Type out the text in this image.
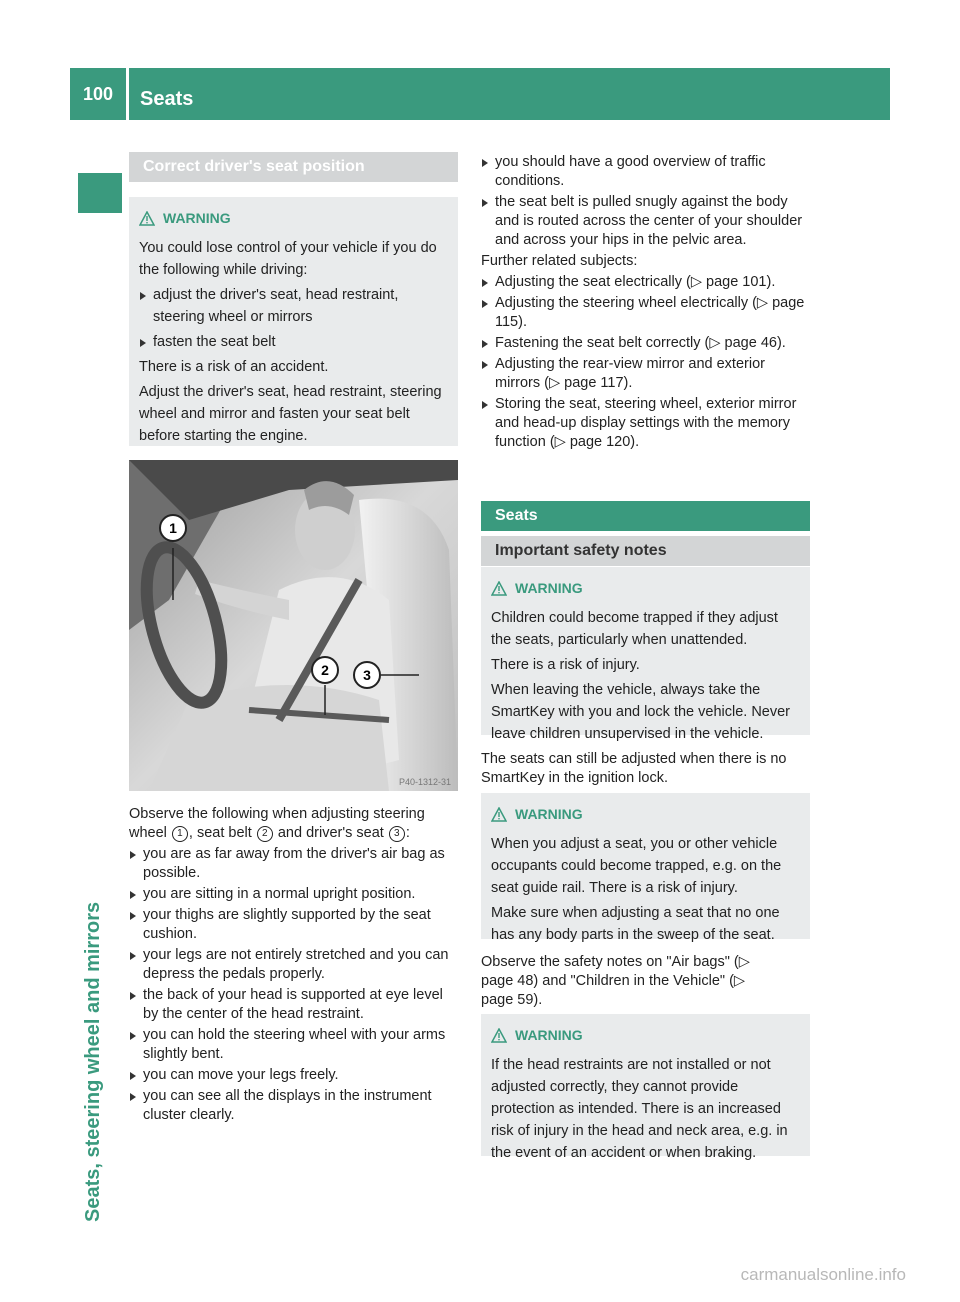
100	Seats
Seats, steering wheel and mirrors
Correct driver's seat position
WARNING

You could lose control of your vehicle if you do the following while driving:

adjust the driver's seat, head restraint, steering wheel or mirrors
fasten the seat belt

There is a risk of an accident.

Adjust the driver's seat, head restraint, steering wheel and mirror and fasten your seat belt before starting the engine.

1
2 3
P40-1312-31

Observe the following when adjusting steering wheel 1 , seat belt 2 and driver's seat 3 :

you are as far away from the driver's air bag as possible.
you are sitting in a normal upright position.
your thighs are slightly supported by the seat cushion.
your legs are not entirely stretched and you can depress the pedals properly.
the back of your head is supported at eye level by the center of the head restraint.
you can hold the steering wheel with your arms slightly bent.
you can move your legs freely.
you can see all the displays in the instrument cluster clearly.
you should have a good overview of traffic conditions.
the seat belt is pulled snugly against the body and is routed across the center of your shoulder and across your hips in the pelvic area.

Further related subjects:

Adjusting the seat electrically (▷ page 101).
Adjusting the steering wheel electrically (▷ page 115).
Fastening the seat belt correctly (▷ page 46).
Adjusting the rear-view mirror and exterior mirrors (▷ page 117).
Storing the seat, steering wheel, exterior mirror and head-up display settings with the memory function (▷ page 120).
Seats
Important safety notes
WARNING

Children could become trapped if they adjust the seats, particularly when unattended.

There is a risk of injury.

When leaving the vehicle, always take the SmartKey with you and lock the vehicle. Never leave children unsupervised in the vehicle.

The seats can still be adjusted when there is no SmartKey in the ignition lock.
WARNING

When you adjust a seat, you or other vehicle occupants could become trapped, e.g. on the seat guide rail. There is a risk of injury.

Make sure when adjusting a seat that no one has any body parts in the sweep of the seat.

Observe the safety notes on "Air bags" (▷ page 48) and "Children in the Vehicle" (▷ page 59).
WARNING

If the head restraints are not installed or not adjusted correctly, they cannot provide protection as intended. There is an increased risk of injury in the head and neck area, e.g. in the event of an accident or when braking.

carmanualsonline.info
